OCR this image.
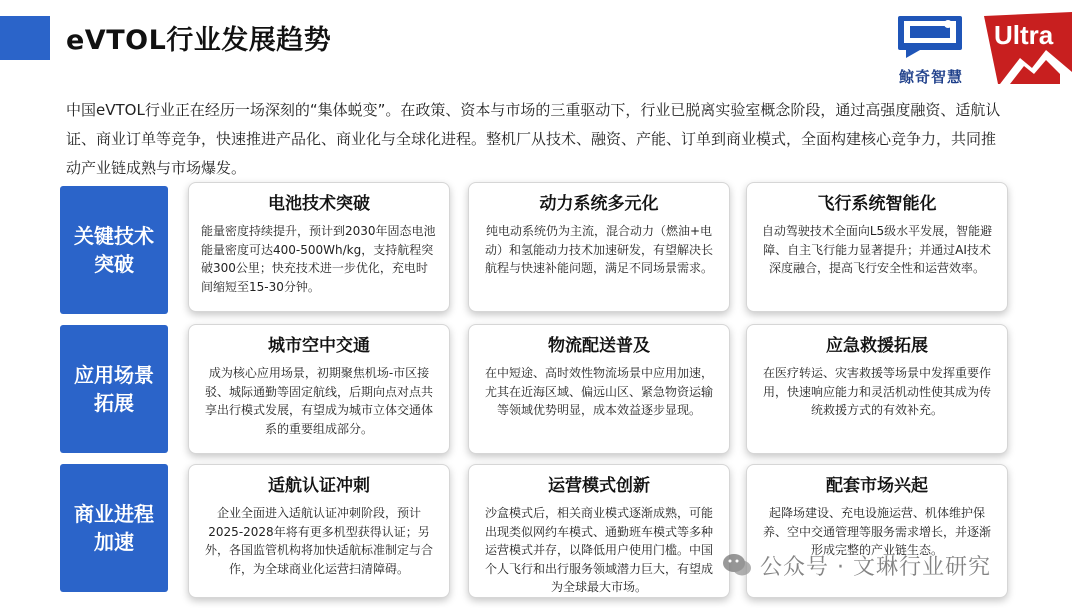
eVTOL行业发展趋势
鲸奇智慧
Ultra
中国eVTOL行业正在经历一场深刻的“集体蜕变”。在政策、资本与市场的三重驱动下，行业已脱离实验室概念阶段，通过高强度融资、适航认证、商业订单等竞争，快速推进产品化、商业化与全球化进程。整机厂从技术、融资、产能、订单到商业模式，全面构建核心竞争力，共同推动产业链成熟与市场爆发。
关键技术突破
应用场景拓展
商业进程加速
电池技术突破
能量密度持续提升，预计到2030年固态电池能量密度可达400-500Wh/kg，支持航程突破300公里；快充技术进一步优化，充电时间缩短至15-30分钟。
动力系统多元化
纯电动系统仍为主流，混合动力（燃油+电动）和氢能动力技术加速研发，有望解决长航程与快速补能问题，满足不同场景需求。
飞行系统智能化
自动驾驶技术全面向L5级水平发展，智能避障、自主飞行能力显著提升；并通过AI技术深度融合，提高飞行安全性和运营效率。
城市空中交通
成为核心应用场景，初期聚焦机场-市区接驳、城际通勤等固定航线，后期向点对点共享出行模式发展，有望成为城市立体交通体系的重要组成部分。
物流配送普及
在中短途、高时效性物流场景中应用加速，尤其在近海区域、偏远山区、紧急物资运输等领域优势明显，成本效益逐步显现。
应急救援拓展
在医疗转运、灾害救援等场景中发挥重要作用，快速响应能力和灵活机动性使其成为传统救援方式的有效补充。
适航认证冲刺
企业全面进入适航认证冲刺阶段，预计2025-2028年将有更多机型获得认证；另外，各国监管机构将加快适航标准制定与合作，为全球商业化运营扫清障碍。
运营模式创新
沙盒模式后，相关商业模式逐渐成熟，可能出现类似网约车模式、通勤班车模式等多种运营模式并存，以降低用户使用门槛。中国个人飞行和出行服务领域潜力巨大，有望成为全球最大市场。
配套市场兴起
起降场建设、充电设施运营、机体维护保养、空中交通管理等服务需求增长，并逐渐形成完整的产业链生态。
公众号 · 文琳行业研究
